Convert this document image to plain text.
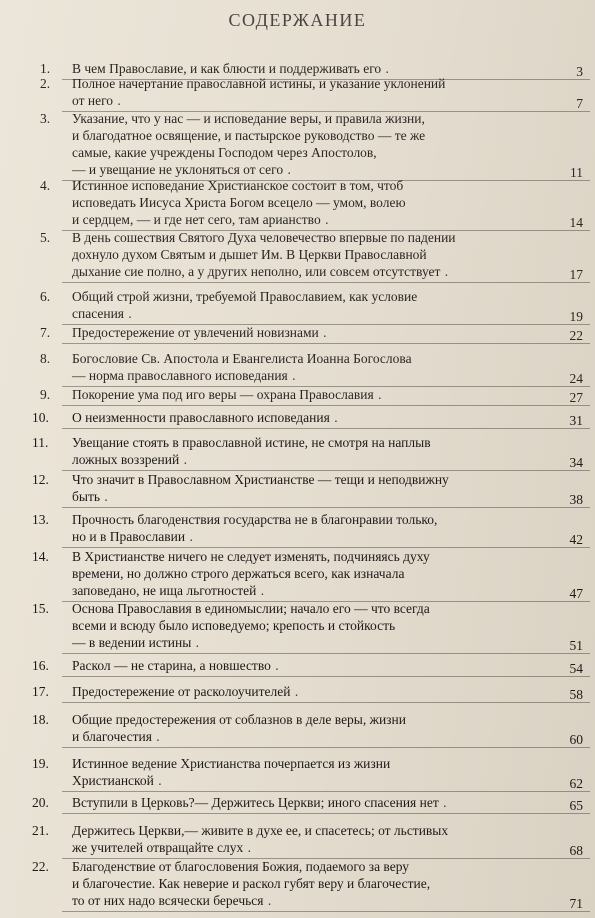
СОДЕРЖАНИЕ
1.	В чем Православие, и как блюсти и поддерживать его .	3
2.	Полное начертание православной истины, и указание уклонений
от него .	7
3.	Указание, что у нас — и исповедание веры, и правила жизни,
и благодатное освящение, и пастырское руководство — те же
самые, какие учреждены Господом через Апостолов,
— и увещание не уклоняться от сего .	11
4.	Истинное исповедание Христианское состоит в том, чтоб
исповедать Иисуса Христа Богом всецело — умом, волею
и сердцем, — и где нет сего, там арианство .	14
5.	В день сошествия Святого Духа человечество впервые по падении
дохнуло духом Святым и дышет Им. В Церкви Православной
дыхание сие полно, а у других неполно, или совсем отсутствует .	17
6.	Общий строй жизни, требуемой Православием, как условие
спасения .	19
7.	Предостережение от увлечений новизнами .	22
8.	Богословие Св. Апостола и Евангелиста Иоанна Богослова
— норма православного исповедания .	24
9.	Покорение ума под иго веры — охрана Православия .	27
10.	О неизменности православного исповедания .	31
11.	Увещание стоять в православной истине, не смотря на наплыв
ложных воззрений .	34
12.	Что значит в Православном Христианстве — тещи и неподвижну
быть .	38
13.	Прочность благоденствия государства не в благонравии только,
но и в Православии .	42
14.	В Христианстве ничего не следует изменять, подчиняясь духу
времени, но должно строго держаться всего, как изначала
заповедано, не ища льготностей .	47
15.	Основа Православия в единомыслии; начало его — что всегда
всеми и всюду было исповедуемо; крепость и стойкость
— в ведении истины .	51
16.	Раскол — не старина, а новшество .	54
17.	Предостережение от расколоучителей .	58
18.	Общие предостережения от соблазнов в деле веры, жизни
и благочестия .	60
19.	Истинное ведение Христианства почерпается из жизни
Христианской .	62
20.	Вступили в Церковь?— Держитесь Церкви; иного спасения нет .	65
21.	Держитесь Церкви,— живите в духе ее, и спасетесь; от льстивых
же учителей отвращайте слух .	68
22.	Благоденствие от благословения Божия, подаемого за веру
и благочестие. Как неверие и раскол губят веру и благочестие,
то от них надо всячески беречься .	71
